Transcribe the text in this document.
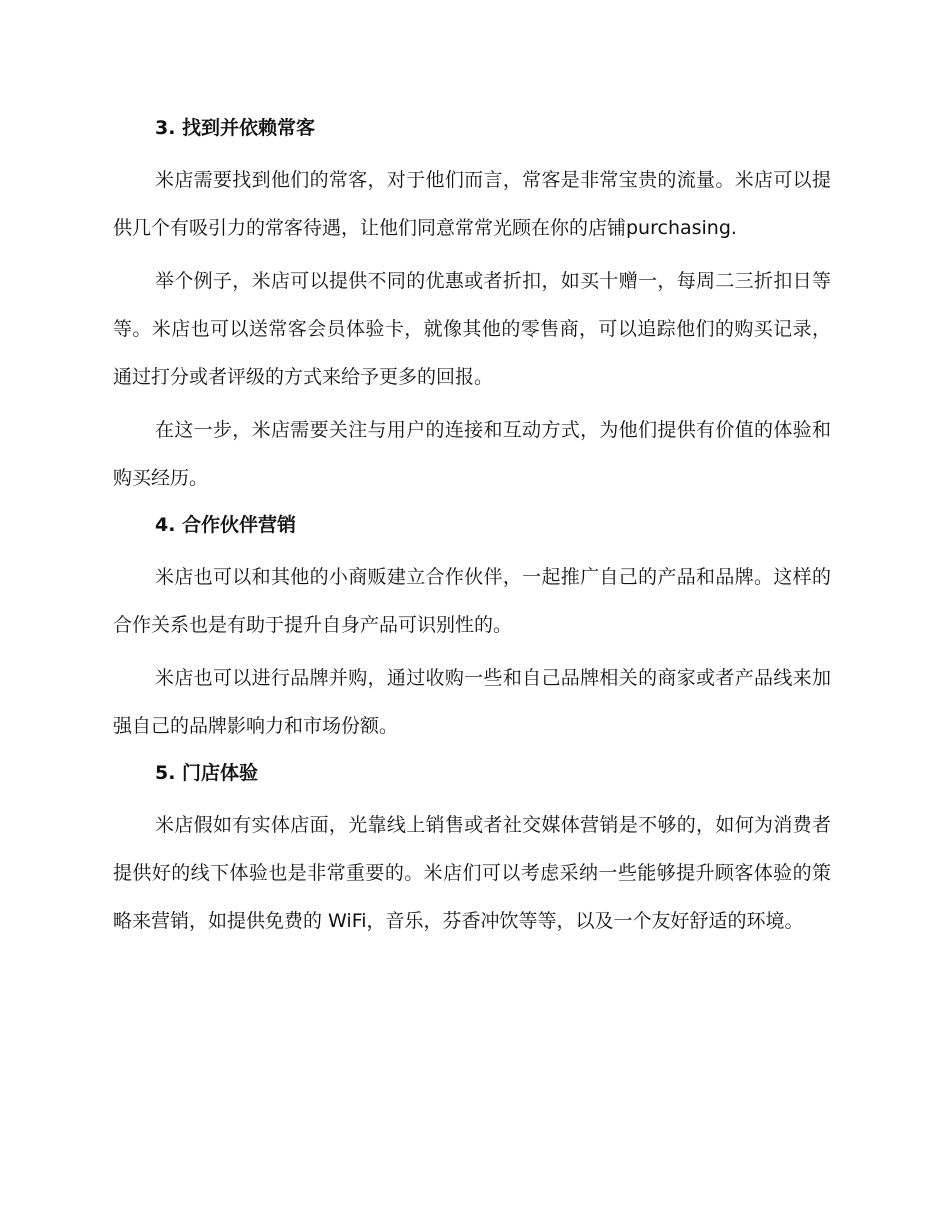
3. 找到并依赖常客

米店需要找到他们的常客，对于他们而言，常客是非常宝贵的流量。米店可以提供几个有吸引力的常客待遇，让他们同意常常光顾在你的店铺purchasing.

举个例子，米店可以提供不同的优惠或者折扣，如买十赠一，每周二三折扣日等等。米店也可以送常客会员体验卡，就像其他的零售商，可以追踪他们的购买记录，通过打分或者评级的方式来给予更多的回报。

在这一步，米店需要关注与用户的连接和互动方式，为他们提供有价值的体验和购买经历。

4. 合作伙伴营销

米店也可以和其他的小商贩建立合作伙伴，一起推广自己的产品和品牌。这样的合作关系也是有助于提升自身产品可识别性的。

米店也可以进行品牌并购，通过收购一些和自己品牌相关的商家或者产品线来加强自己的品牌影响力和市场份额。

5. 门店体验

米店假如有实体店面，光靠线上销售或者社交媒体营销是不够的，如何为消费者提供好的线下体验也是非常重要的。米店们可以考虑采纳一些能够提升顾客体验的策略来营销，如提供免费的 WiFi，音乐，芬香冲饮等等，以及一个友好舒适的环境。
